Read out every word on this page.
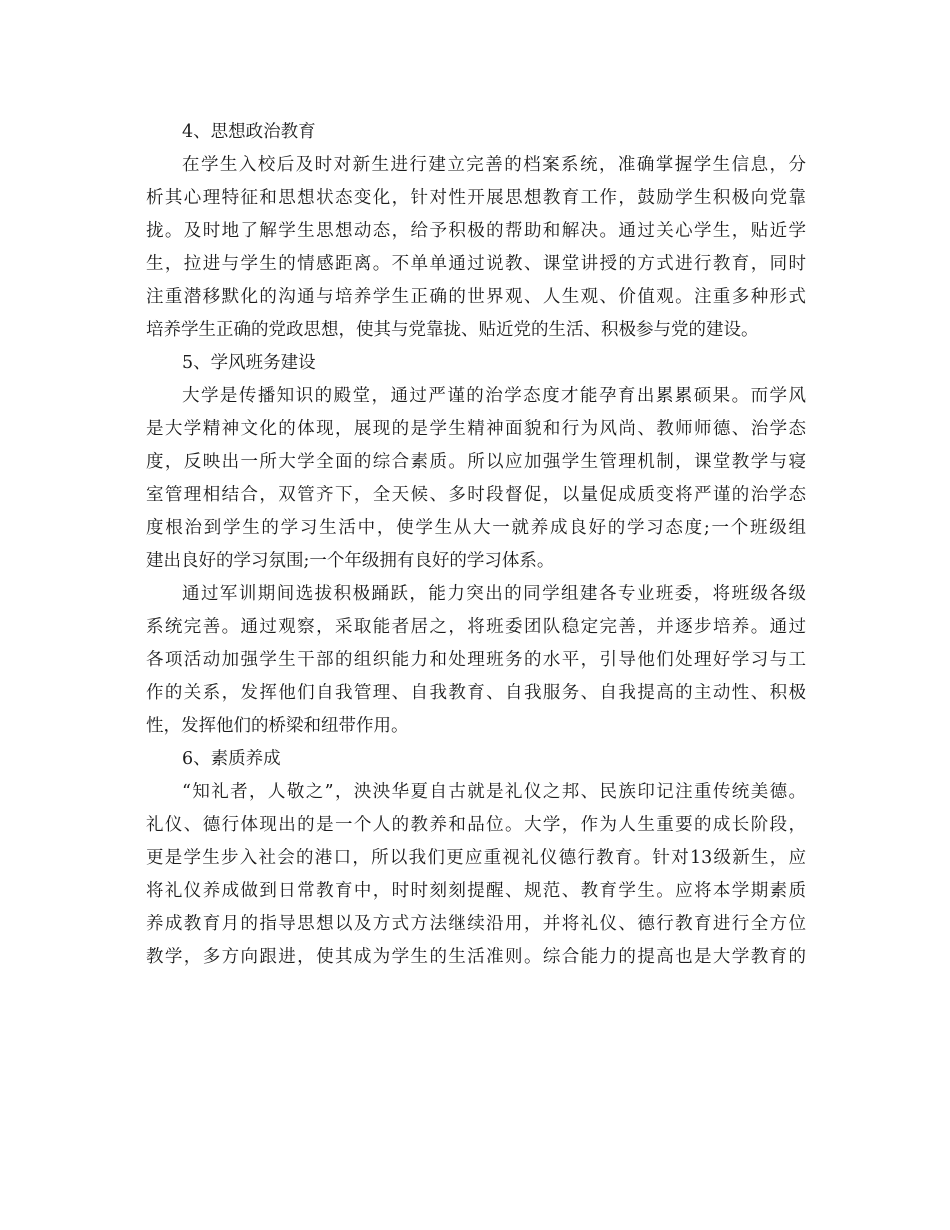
4、思想政治教育
在学生入校后及时对新生进行建立完善的档案系统，准确掌握学生信息，分
析其心理特征和思想状态变化，针对性开展思想教育工作，鼓励学生积极向党靠
拢。及时地了解学生思想动态，给予积极的帮助和解决。通过关心学生，贴近学
生，拉进与学生的情感距离。不单单通过说教、课堂讲授的方式进行教育，同时
注重潜移默化的沟通与培养学生正确的世界观、人生观、价值观。注重多种形式
培养学生正确的党政思想，使其与党靠拢、贴近党的生活、积极参与党的建设。
5、学风班务建设
大学是传播知识的殿堂，通过严谨的治学态度才能孕育出累累硕果。而学风
是大学精神文化的体现，展现的是学生精神面貌和行为风尚、教师师德、治学态
度，反映出一所大学全面的综合素质。所以应加强学生管理机制，课堂教学与寝
室管理相结合，双管齐下，全天候、多时段督促，以量促成质变将严谨的治学态
度根治到学生的学习生活中，使学生从大一就养成良好的学习态度;一个班级组
建出良好的学习氛围;一个年级拥有良好的学习体系。
通过军训期间选拔积极踊跃，能力突出的同学组建各专业班委，将班级各级
系统完善。通过观察，采取能者居之，将班委团队稳定完善，并逐步培养。通过
各项活动加强学生干部的组织能力和处理班务的水平，引导他们处理好学习与工
作的关系，发挥他们自我管理、自我教育、自我服务、自我提高的主动性、积极
性，发挥他们的桥梁和纽带作用。
6、素质养成
“知礼者，人敬之”，泱泱华夏自古就是礼仪之邦、民族印记注重传统美德。
礼仪、德行体现出的是一个人的教养和品位。大学，作为人生重要的成长阶段，
更是学生步入社会的港口，所以我们更应重视礼仪德行教育。针对13级新生，应
将礼仪养成做到日常教育中，时时刻刻提醒、规范、教育学生。应将本学期素质
养成教育月的指导思想以及方式方法继续沿用，并将礼仪、德行教育进行全方位
教学，多方向跟进，使其成为学生的生活准则。综合能力的提高也是大学教育的
